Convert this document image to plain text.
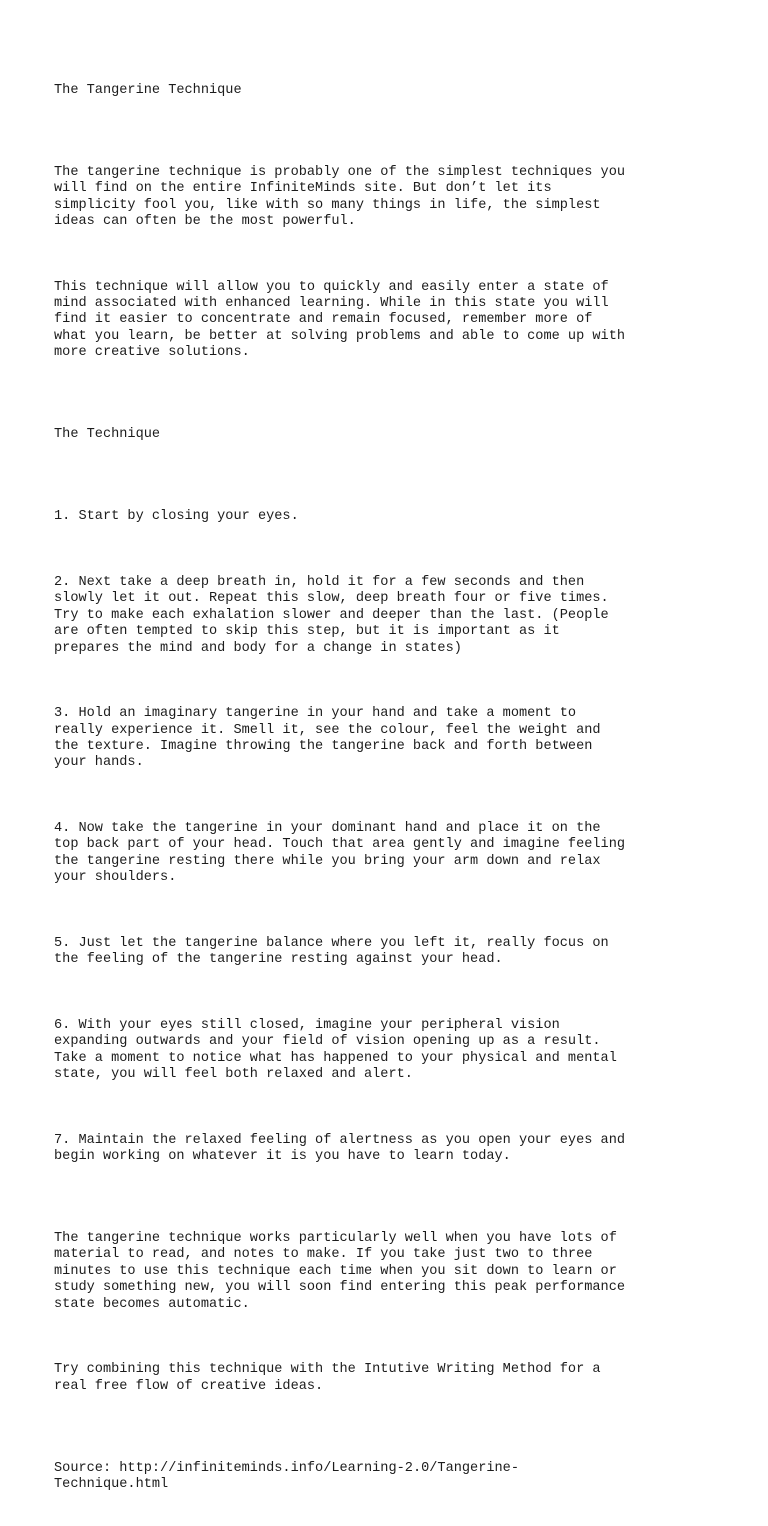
The Tangerine Technique

The tangerine technique is probably one of the simplest techniques you
will find on the entire InfiniteMinds site. But don’t let its
simplicity fool you, like with so many things in life, the simplest
ideas can often be the most powerful.

This technique will allow you to quickly and easily enter a state of
mind associated with enhanced learning. While in this state you will
find it easier to concentrate and remain focused, remember more of
what you learn, be better at solving problems and able to come up with
more creative solutions.

The Technique

1. Start by closing your eyes.

2. Next take a deep breath in, hold it for a few seconds and then
slowly let it out. Repeat this slow, deep breath four or five times.
Try to make each exhalation slower and deeper than the last. (People
are often tempted to skip this step, but it is important as it
prepares the mind and body for a change in states)

3. Hold an imaginary tangerine in your hand and take a moment to
really experience it. Smell it, see the colour, feel the weight and
the texture. Imagine throwing the tangerine back and forth between
your hands.

4. Now take the tangerine in your dominant hand and place it on the
top back part of your head. Touch that area gently and imagine feeling
the tangerine resting there while you bring your arm down and relax
your shoulders.

5. Just let the tangerine balance where you left it, really focus on
the feeling of the tangerine resting against your head.

6. With your eyes still closed, imagine your peripheral vision
expanding outwards and your field of vision opening up as a result.
Take a moment to notice what has happened to your physical and mental
state, you will feel both relaxed and alert.

7. Maintain the relaxed feeling of alertness as you open your eyes and
begin working on whatever it is you have to learn today.

The tangerine technique works particularly well when you have lots of
material to read, and notes to make. If you take just two to three
minutes to use this technique each time when you sit down to learn or
study something new, you will soon find entering this peak performance
state becomes automatic.

Try combining this technique with the Intutive Writing Method for a
real free flow of creative ideas.

Source: http://infiniteminds.info/Learning-2.0/Tangerine-
Technique.html
